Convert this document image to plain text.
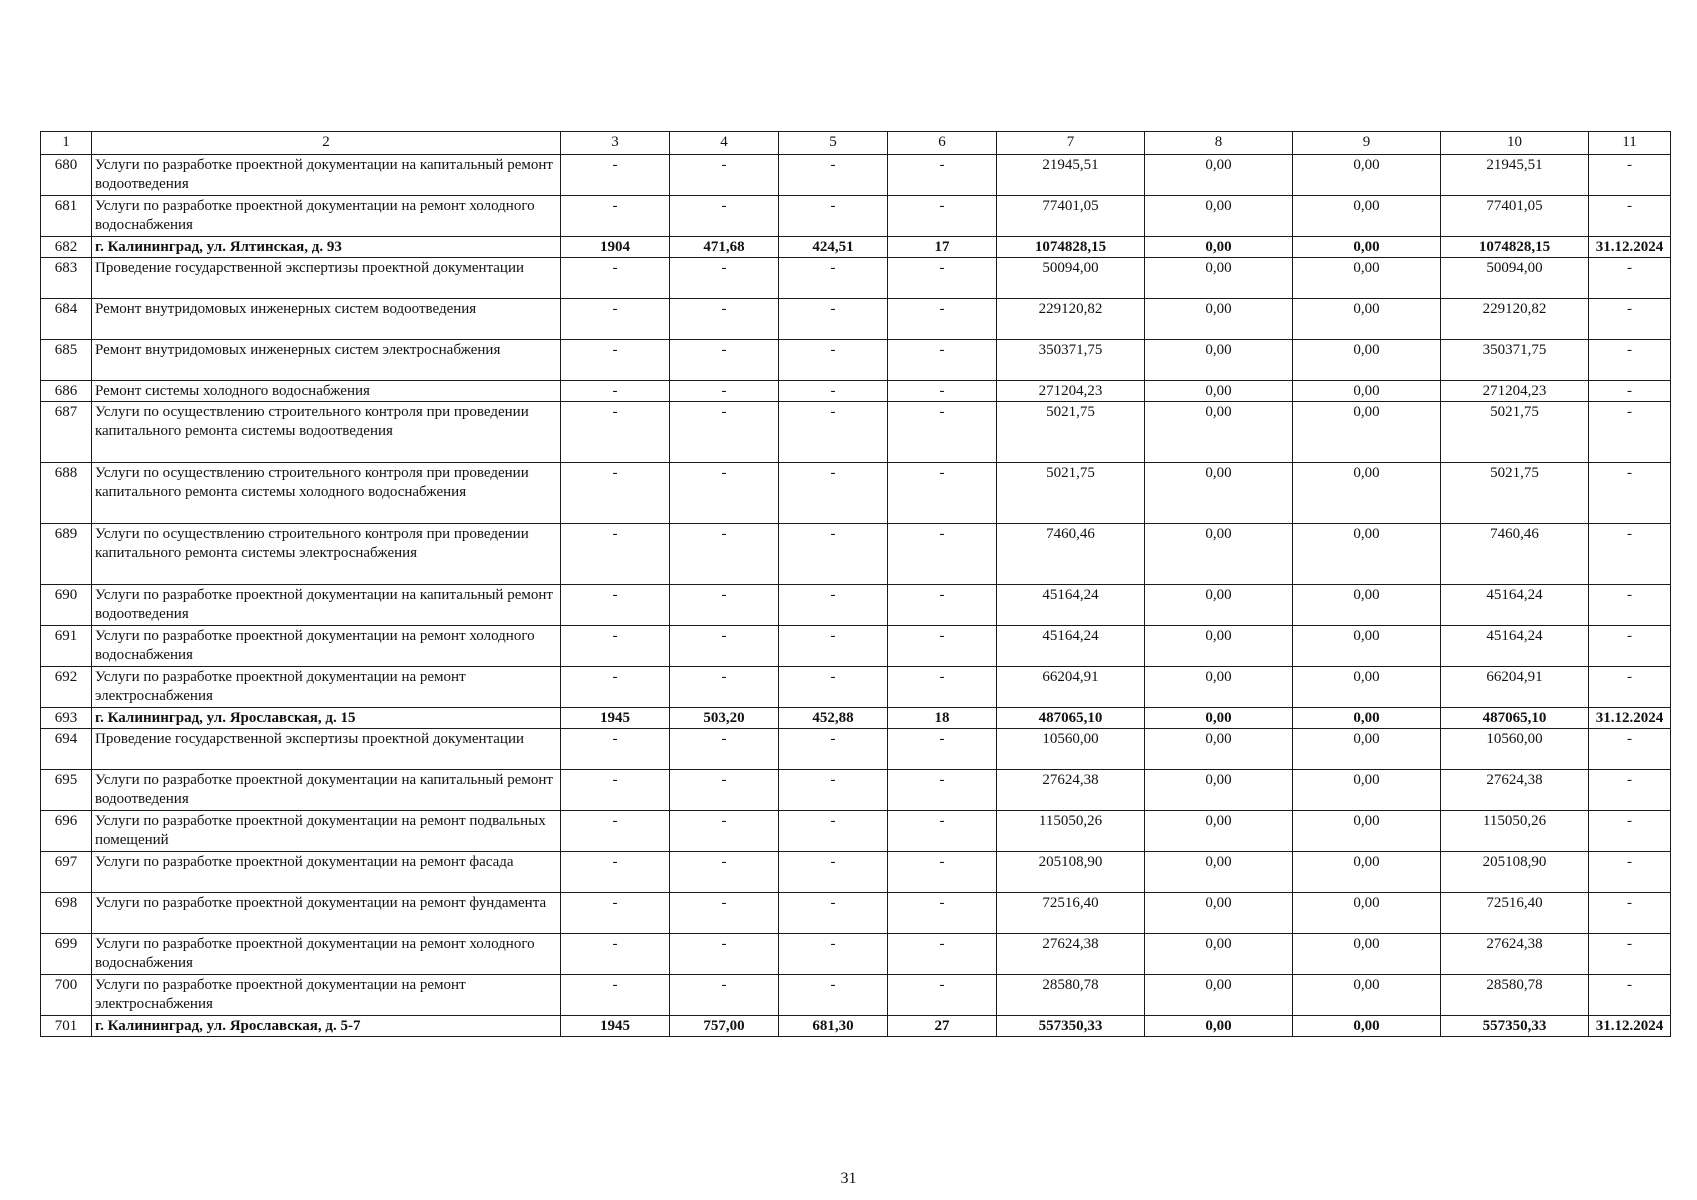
1	2	3	4	5	6	7	8	9	10	11
680	Услуги по разработке проектной документации на капитальный ремонт водоотведения	-	-	-	-	21945,51	0,00	0,00	21945,51	-
681	Услуги по разработке проектной документации на ремонт холодного водоснабжения	-	-	-	-	77401,05	0,00	0,00	77401,05	-
682	г. Калининград, ул. Ялтинская, д. 93	1904	471,68	424,51	17	1074828,15	0,00	0,00	1074828,15	31.12.2024
683	Проведение государственной экспертизы проектной документации	-	-	-	-	50094,00	0,00	0,00	50094,00	-
684	Ремонт внутридомовых инженерных систем водоотведения	-	-	-	-	229120,82	0,00	0,00	229120,82	-
685	Ремонт внутридомовых инженерных систем электроснабжения	-	-	-	-	350371,75	0,00	0,00	350371,75	-
686	Ремонт системы холодного водоснабжения	-	-	-	-	271204,23	0,00	0,00	271204,23	-
687	Услуги по осуществлению строительного контроля при проведении капитального ремонта системы водоотведения	-	-	-	-	5021,75	0,00	0,00	5021,75	-
688	Услуги по осуществлению строительного контроля при проведении капитального ремонта системы холодного водоснабжения	-	-	-	-	5021,75	0,00	0,00	5021,75	-
689	Услуги по осуществлению строительного контроля при проведении капитального ремонта системы электроснабжения	-	-	-	-	7460,46	0,00	0,00	7460,46	-
690	Услуги по разработке проектной документации на капитальный ремонт водоотведения	-	-	-	-	45164,24	0,00	0,00	45164,24	-
691	Услуги по разработке проектной документации на ремонт холодного водоснабжения	-	-	-	-	45164,24	0,00	0,00	45164,24	-
692	Услуги по разработке проектной документации на ремонт электроснабжения	-	-	-	-	66204,91	0,00	0,00	66204,91	-
693	г. Калининград, ул. Ярославская, д. 15	1945	503,20	452,88	18	487065,10	0,00	0,00	487065,10	31.12.2024
694	Проведение государственной экспертизы проектной документации	-	-	-	-	10560,00	0,00	0,00	10560,00	-
695	Услуги по разработке проектной документации на капитальный ремонт водоотведения	-	-	-	-	27624,38	0,00	0,00	27624,38	-
696	Услуги по разработке проектной документации на ремонт подвальных помещений	-	-	-	-	115050,26	0,00	0,00	115050,26	-
697	Услуги по разработке проектной документации на ремонт фасада	-	-	-	-	205108,90	0,00	0,00	205108,90	-
698	Услуги по разработке проектной документации на ремонт фундамента	-	-	-	-	72516,40	0,00	0,00	72516,40	-
699	Услуги по разработке проектной документации на ремонт холодного водоснабжения	-	-	-	-	27624,38	0,00	0,00	27624,38	-
700	Услуги по разработке проектной документации на ремонт электроснабжения	-	-	-	-	28580,78	0,00	0,00	28580,78	-
701	г. Калининград, ул. Ярославская, д. 5-7	1945	757,00	681,30	27	557350,33	0,00	0,00	557350,33	31.12.2024
31
